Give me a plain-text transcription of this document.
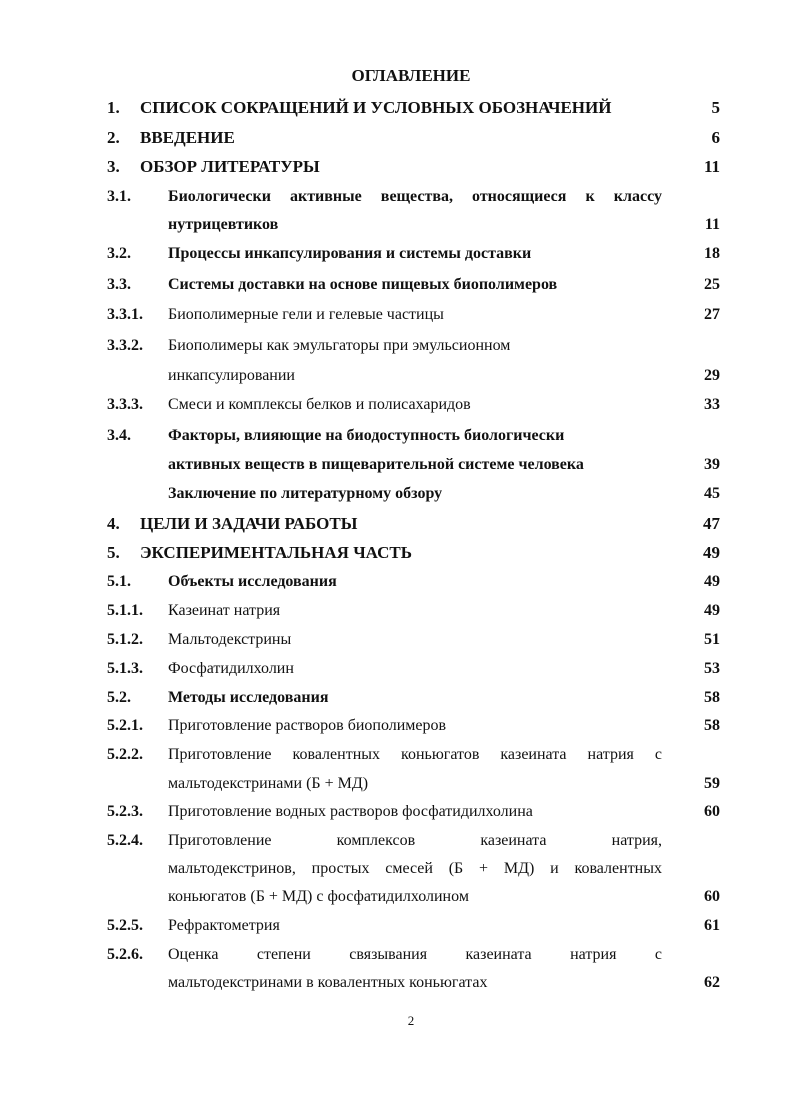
ОГЛАВЛЕНИЕ
1. СПИСОК СОКРАЩЕНИЙ И УСЛОВНЫХ ОБОЗНАЧЕНИЙ	5
2. ВВЕДЕНИЕ	6
3. ОБЗОР ЛИТЕРАТУРЫ	11
3.1. Биологически активные вещества, относящиеся к классу
нутрицевтиков	11
3.2. Процессы инкапсулирования и системы доставки	18
3.3. Системы доставки на основе пищевых биополимеров	25
3.3.1. Биополимерные гели и гелевые частицы	27
3.3.2. Биополимеры как эмульгаторы при эмульсионном
инкапсулировании	29
3.3.3. Смеси и комплексы белков и полисахаридов	33
3.4. Факторы, влияющие на биодоступность биологически
активных веществ в пищеварительной системе человека	39
Заключение по литературному обзору	45
4. ЦЕЛИ И ЗАДАЧИ РАБОТЫ	47
5. ЭКСПЕРИМЕНТАЛЬНАЯ ЧАСТЬ	49
5.1. Объекты исследования	49
5.1.1. Казеинат натрия	49
5.1.2. Мальтодекстрины	51
5.1.3. Фосфатидилхолин	53
5.2. Методы исследования	58
5.2.1. Приготовление растворов биополимеров	58
5.2.2. Приготовление ковалентных коньюгатов казеината натрия с
мальтодекстринами (Б + МД)	59
5.2.3. Приготовление водных растворов фосфатидилхолина	60
5.2.4. Приготовление комплексов казеината натрия,
мальтодекстринов, простых смесей (Б + МД) и ковалентных
коньюгатов (Б + МД) с фосфатидилхолином	60
5.2.5. Рефрактометрия	61
5.2.6. Оценка степени связывания казеината натрия с
мальтодекстринами в ковалентных коньюгатах	62
2
